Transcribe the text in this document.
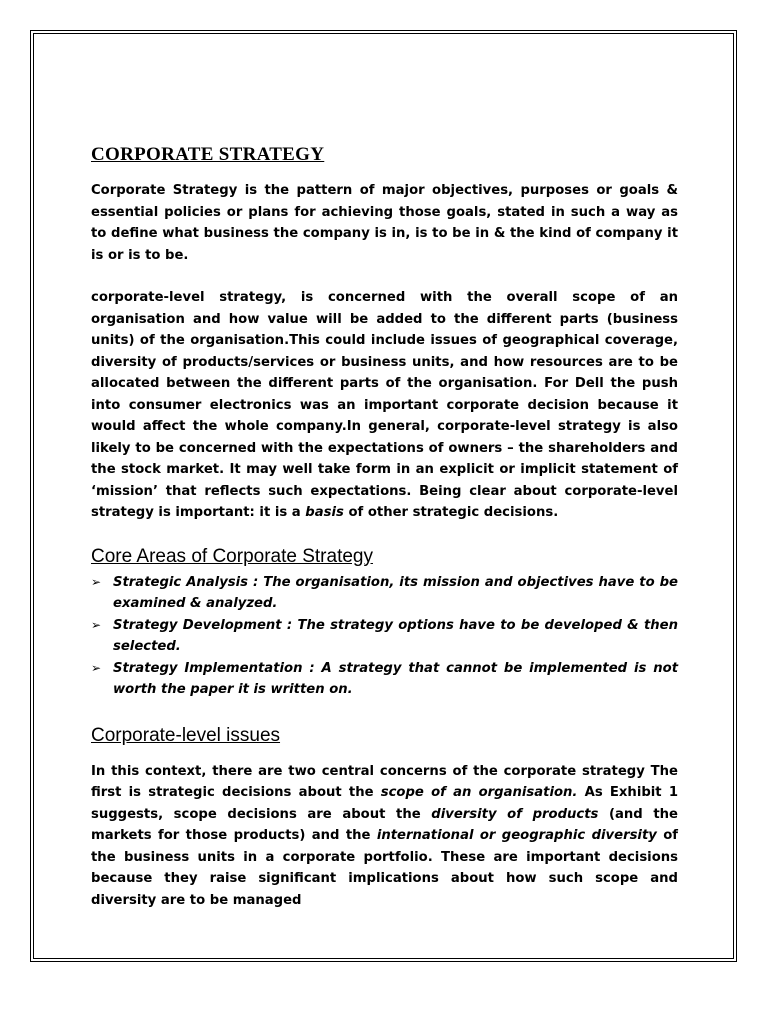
CORPORATE STRATEGY

Corporate Strategy is the pattern of major objectives, purposes or goals & essential policies or plans for achieving those goals, stated in such a way as to define what business the company is in, is to be in & the kind of company it is or is to be.

corporate-level strategy, is concerned with the overall scope of an organisation and how value will be added to the different parts (business units) of the organisation.This could include issues of geographical coverage, diversity of products/services or business units, and how resources are to be allocated between the different parts of the organisation. For Dell the push into consumer electronics was an important corporate decision because it would affect the whole company.In general, corporate-level strategy is also likely to be concerned with the expectations of owners – the shareholders and the stock market. It may well take form in an explicit or implicit statement of ‘mission’ that reflects such expectations. Being clear about corporate-level strategy is important: it is a basis of other strategic decisions.

Core Areas of Corporate Strategy
➢ Strategic Analysis : The organisation, its mission and objectives have to be examined & analyzed.
➢ Strategy Development : The strategy options have to be developed & then selected.
➢ Strategy Implementation : A strategy that cannot be implemented is not worth the paper it is written on.
Corporate-level issues

In this context, there are two central concerns of the corporate strategy The first is strategic decisions about the scope of an organisation. As Exhibit 1 suggests, scope decisions are about the diversity of products (and the markets for those products) and the international or geographic diversity of the business units in a corporate portfolio. These are important decisions because they raise significant implications about how such scope and diversity are to be managed
